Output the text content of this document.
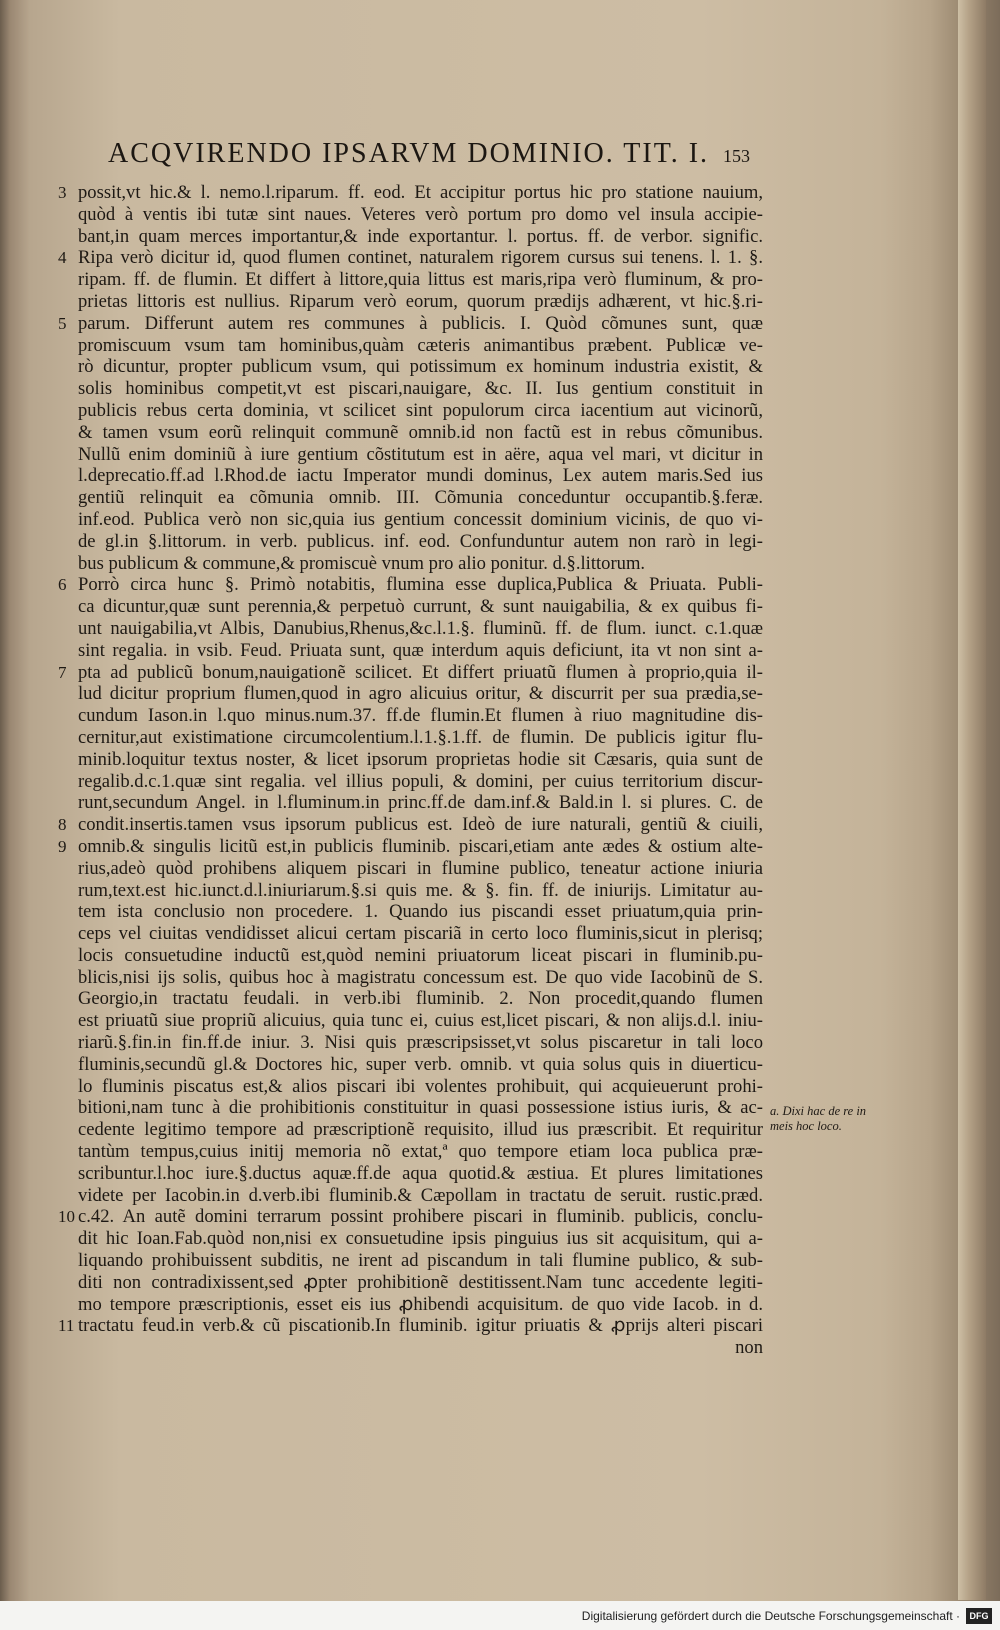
ACQVIRENDO IPSARVM DOMINIO. TIT. I. 153
3 possit,vt hic.& l. nemo.l.riparum. ff. eod. Et accipitur portus hic pro statione nauium,
quòd à ventis ibi tutæ sint naues. Veteres verò portum pro domo vel insula accipie-
bant,in quam merces importantur,& inde exportantur. l. portus. ff. de verbor. signific.
4 Ripa verò dicitur id, quod flumen continet, naturalem rigorem cursus sui tenens. l. 1. §.
ripam. ff. de flumin. Et differt à littore,quia littus est maris,ripa verò fluminum, & pro-
prietas littoris est nullius. Riparum verò eorum, quorum prædijs adhærent, vt hic.§.ri-
5 parum. Differunt autem res communes à publicis. I. Quòd cõmunes sunt, quæ
promiscuum vsum tam hominibus,quàm cæteris animantibus præbent. Publicæ ve-
rò dicuntur, propter publicum vsum, qui potissimum ex hominum industria existit, &
solis hominibus competit,vt est piscari,nauigare, &c. II. Ius gentium constituit in
publicis rebus certa dominia, vt scilicet sint populorum circa iacentium aut vicinorũ,
& tamen vsum eorũ relinquit communẽ omnib.id non factũ est in rebus cõmunibus.
Nullũ enim dominiũ à iure gentium cõstitutum est in aëre, aqua vel mari, vt dicitur in
l.deprecatio.ff.ad l.Rhod.de iactu Imperator mundi dominus, Lex autem maris.Sed ius
gentiũ relinquit ea cõmunia omnib. III. Cõmunia conceduntur occupantib.§.feræ.
inf.eod. Publica verò non sic,quia ius gentium concessit dominium vicinis, de quo vi-
de gl.in §.littorum. in verb. publicus. inf. eod. Confunduntur autem non rarò in legi-
bus publicum & commune,& promiscuè vnum pro alio ponitur. d.§.littorum.
6 Porrò circa hunc §. Primò notabitis, flumina esse duplica,Publica & Priuata. Publi-
ca dicuntur,quæ sunt perennia,& perpetuò currunt, & sunt nauigabilia, & ex quibus fi-
unt nauigabilia,vt Albis, Danubius,Rhenus,&c.l.1.§. fluminũ. ff. de flum. iunct. c.1.quæ
sint regalia. in vsib. Feud. Priuata sunt, quæ interdum aquis deficiunt, ita vt non sint a-
7 pta ad publicũ bonum,nauigationẽ scilicet. Et differt priuatũ flumen à proprio,quia il-
lud dicitur proprium flumen,quod in agro alicuius oritur, & discurrit per sua prædia,se-
cundum Iason.in l.quo minus.num.37. ff.de flumin.Et flumen à riuo magnitudine dis-
cernitur,aut existimatione circumcolentium.l.1.§.1.ff. de flumin. De publicis igitur flu-
minib.loquitur textus noster, & licet ipsorum proprietas hodie sit Cæsaris, quia sunt de
regalib.d.c.1.quæ sint regalia. vel illius populi, & domini, per cuius territorium discur-
runt,secundum Angel. in l.fluminum.in princ.ff.de dam.inf.& Bald.in l. si plures. C. de
8 condit.insertis.tamen vsus ipsorum publicus est. Ideò de iure naturali, gentiũ & ciuili,
9 omnib.& singulis licitũ est,in publicis fluminib. piscari,etiam ante ædes & ostium alte-
rius,adeò quòd prohibens aliquem piscari in flumine publico, teneatur actione iniuria
rum,text.est hic.iunct.d.l.iniuriarum.§.si quis me. & §. fin. ff. de iniurijs. Limitatur au-
tem ista conclusio non procedere. 1. Quando ius piscandi esset priuatum,quia prin-
ceps vel ciuitas vendidisset alicui certam piscariã in certo loco fluminis,sicut in plerisq;
locis consuetudine inductũ est,quòd nemini priuatorum liceat piscari in fluminib.pu-
blicis,nisi ijs solis, quibus hoc à magistratu concessum est. De quo vide Iacobinũ de S.
Georgio,in tractatu feudali. in verb.ibi fluminib. 2. Non procedit,quando flumen
est priuatũ siue propriũ alicuius, quia tunc ei, cuius est,licet piscari, & non alijs.d.l. iniu-
riarũ.§.fin.in fin.ff.de iniur. 3. Nisi quis præscripsisset,vt solus piscaretur in tali loco
fluminis,secundũ gl.& Doctores hic, super verb. omnib. vt quia solus quis in diuerticu-
lo fluminis piscatus est,& alios piscari ibi volentes prohibuit, qui acquieuerunt prohi-
bitioni,nam tunc à die prohibitionis constituitur in quasi possessione istius iuris, & ac-
cedente legitimo tempore ad præscriptionẽ requisito, illud ius præscribit. Et requiritur
tantùm tempus,cuius initij memoria nõ extat,ª quo tempore etiam loca publica præ-
scribuntur.l.hoc iure.§.ductus aquæ.ff.de aqua quotid.& æstiua. Et plures limitationes
videte per Iacobin.in d.verb.ibi fluminib.& Cæpollam in tractatu de seruit. rustic.præd.
10 c.42. An autẽ domini terrarum possint prohibere piscari in fluminib. publicis, conclu-
dit hic Ioan.Fab.quòd non,nisi ex consuetudine ipsis pinguius ius sit acquisitum, qui a-
liquando prohibuissent subditis, ne irent ad piscandum in tali flumine publico, & sub-
diti non contradixissent,sed ꝓpter prohibitionẽ destitissent.Nam tunc accedente legiti-
mo tempore præscriptionis, esset eis ius ꝓhibendi acquisitum. de quo vide Iacob. in d.
11 tractatu feud.in verb.& cũ piscationib.In fluminib. igitur priuatis & ꝓprijs alteri piscari
non
a. Dixi hac de re in meis hoc loco.
Digitalisierung gefördert durch die Deutsche Forschungsgemeinschaft ·	DFG
